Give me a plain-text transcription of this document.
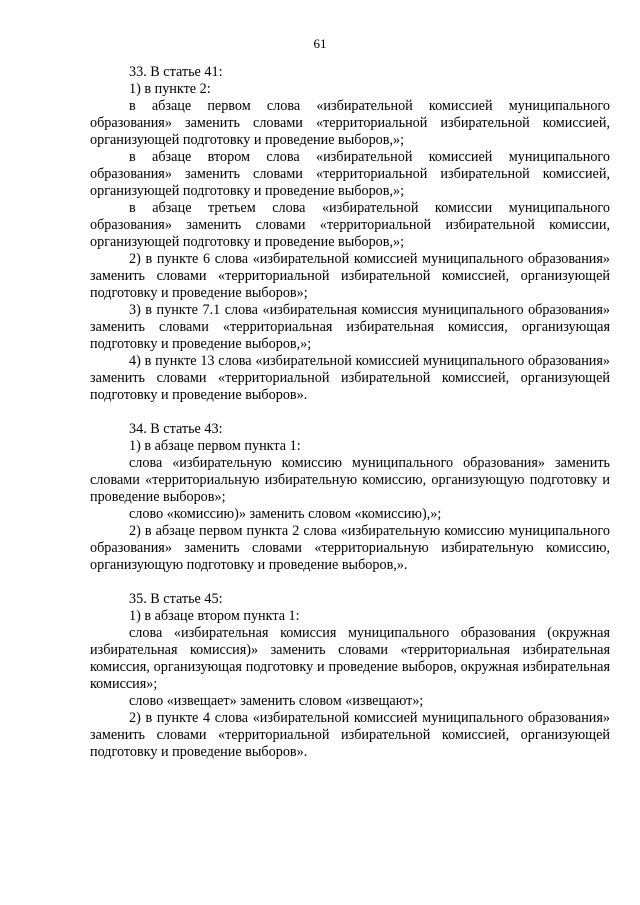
61

33. В статье 41:

1) в пункте 2:

в абзаце первом слова «избирательной комиссией муниципального образования» заменить словами «территориальной избирательной комиссией, организующей подготовку и проведение выборов,»;

в абзаце втором слова «избирательной комиссией муниципального образования» заменить словами «территориальной избирательной комиссией, организующей подготовку и проведение выборов,»;

в абзаце третьем слова «избирательной комиссии муниципального образования» заменить словами «территориальной избирательной комиссии, организующей подготовку и проведение выборов,»;

2) в пункте 6 слова «избирательной комиссией муниципального образования» заменить словами «территориальной избирательной комиссией, организующей подготовку и проведение выборов»;

3) в пункте 7.1 слова «избирательная комиссия муниципального образования» заменить словами «территориальная избирательная комиссия, организующая подготовку и проведение выборов,»;

4) в пункте 13 слова «избирательной комиссией муниципального образования» заменить словами «территориальной избирательной комиссией, организующей подготовку и проведение выборов».

34. В статье 43:

1) в абзаце первом пункта 1:

слова «избирательную комиссию муниципального образования» заменить словами «территориальную избирательную комиссию, организующую подготовку и проведение выборов»;

слово «комиссию)» заменить словом «комиссию),»;

2) в абзаце первом пункта 2 слова «избирательную комиссию муниципального образования» заменить словами «территориальную избирательную комиссию, организующую подготовку и проведение выборов,».

35. В статье 45:

1) в абзаце втором пункта 1:

слова «избирательная комиссия муниципального образования (окружная избирательная комиссия)» заменить словами «территориальная избирательная комиссия, организующая подготовку и проведение выборов, окружная избирательная комиссия»;

слово «извещает» заменить словом «извещают»;

2) в пункте 4 слова «избирательной комиссией муниципального образования» заменить словами «территориальной избирательной комиссией, организующей подготовку и проведение выборов».
